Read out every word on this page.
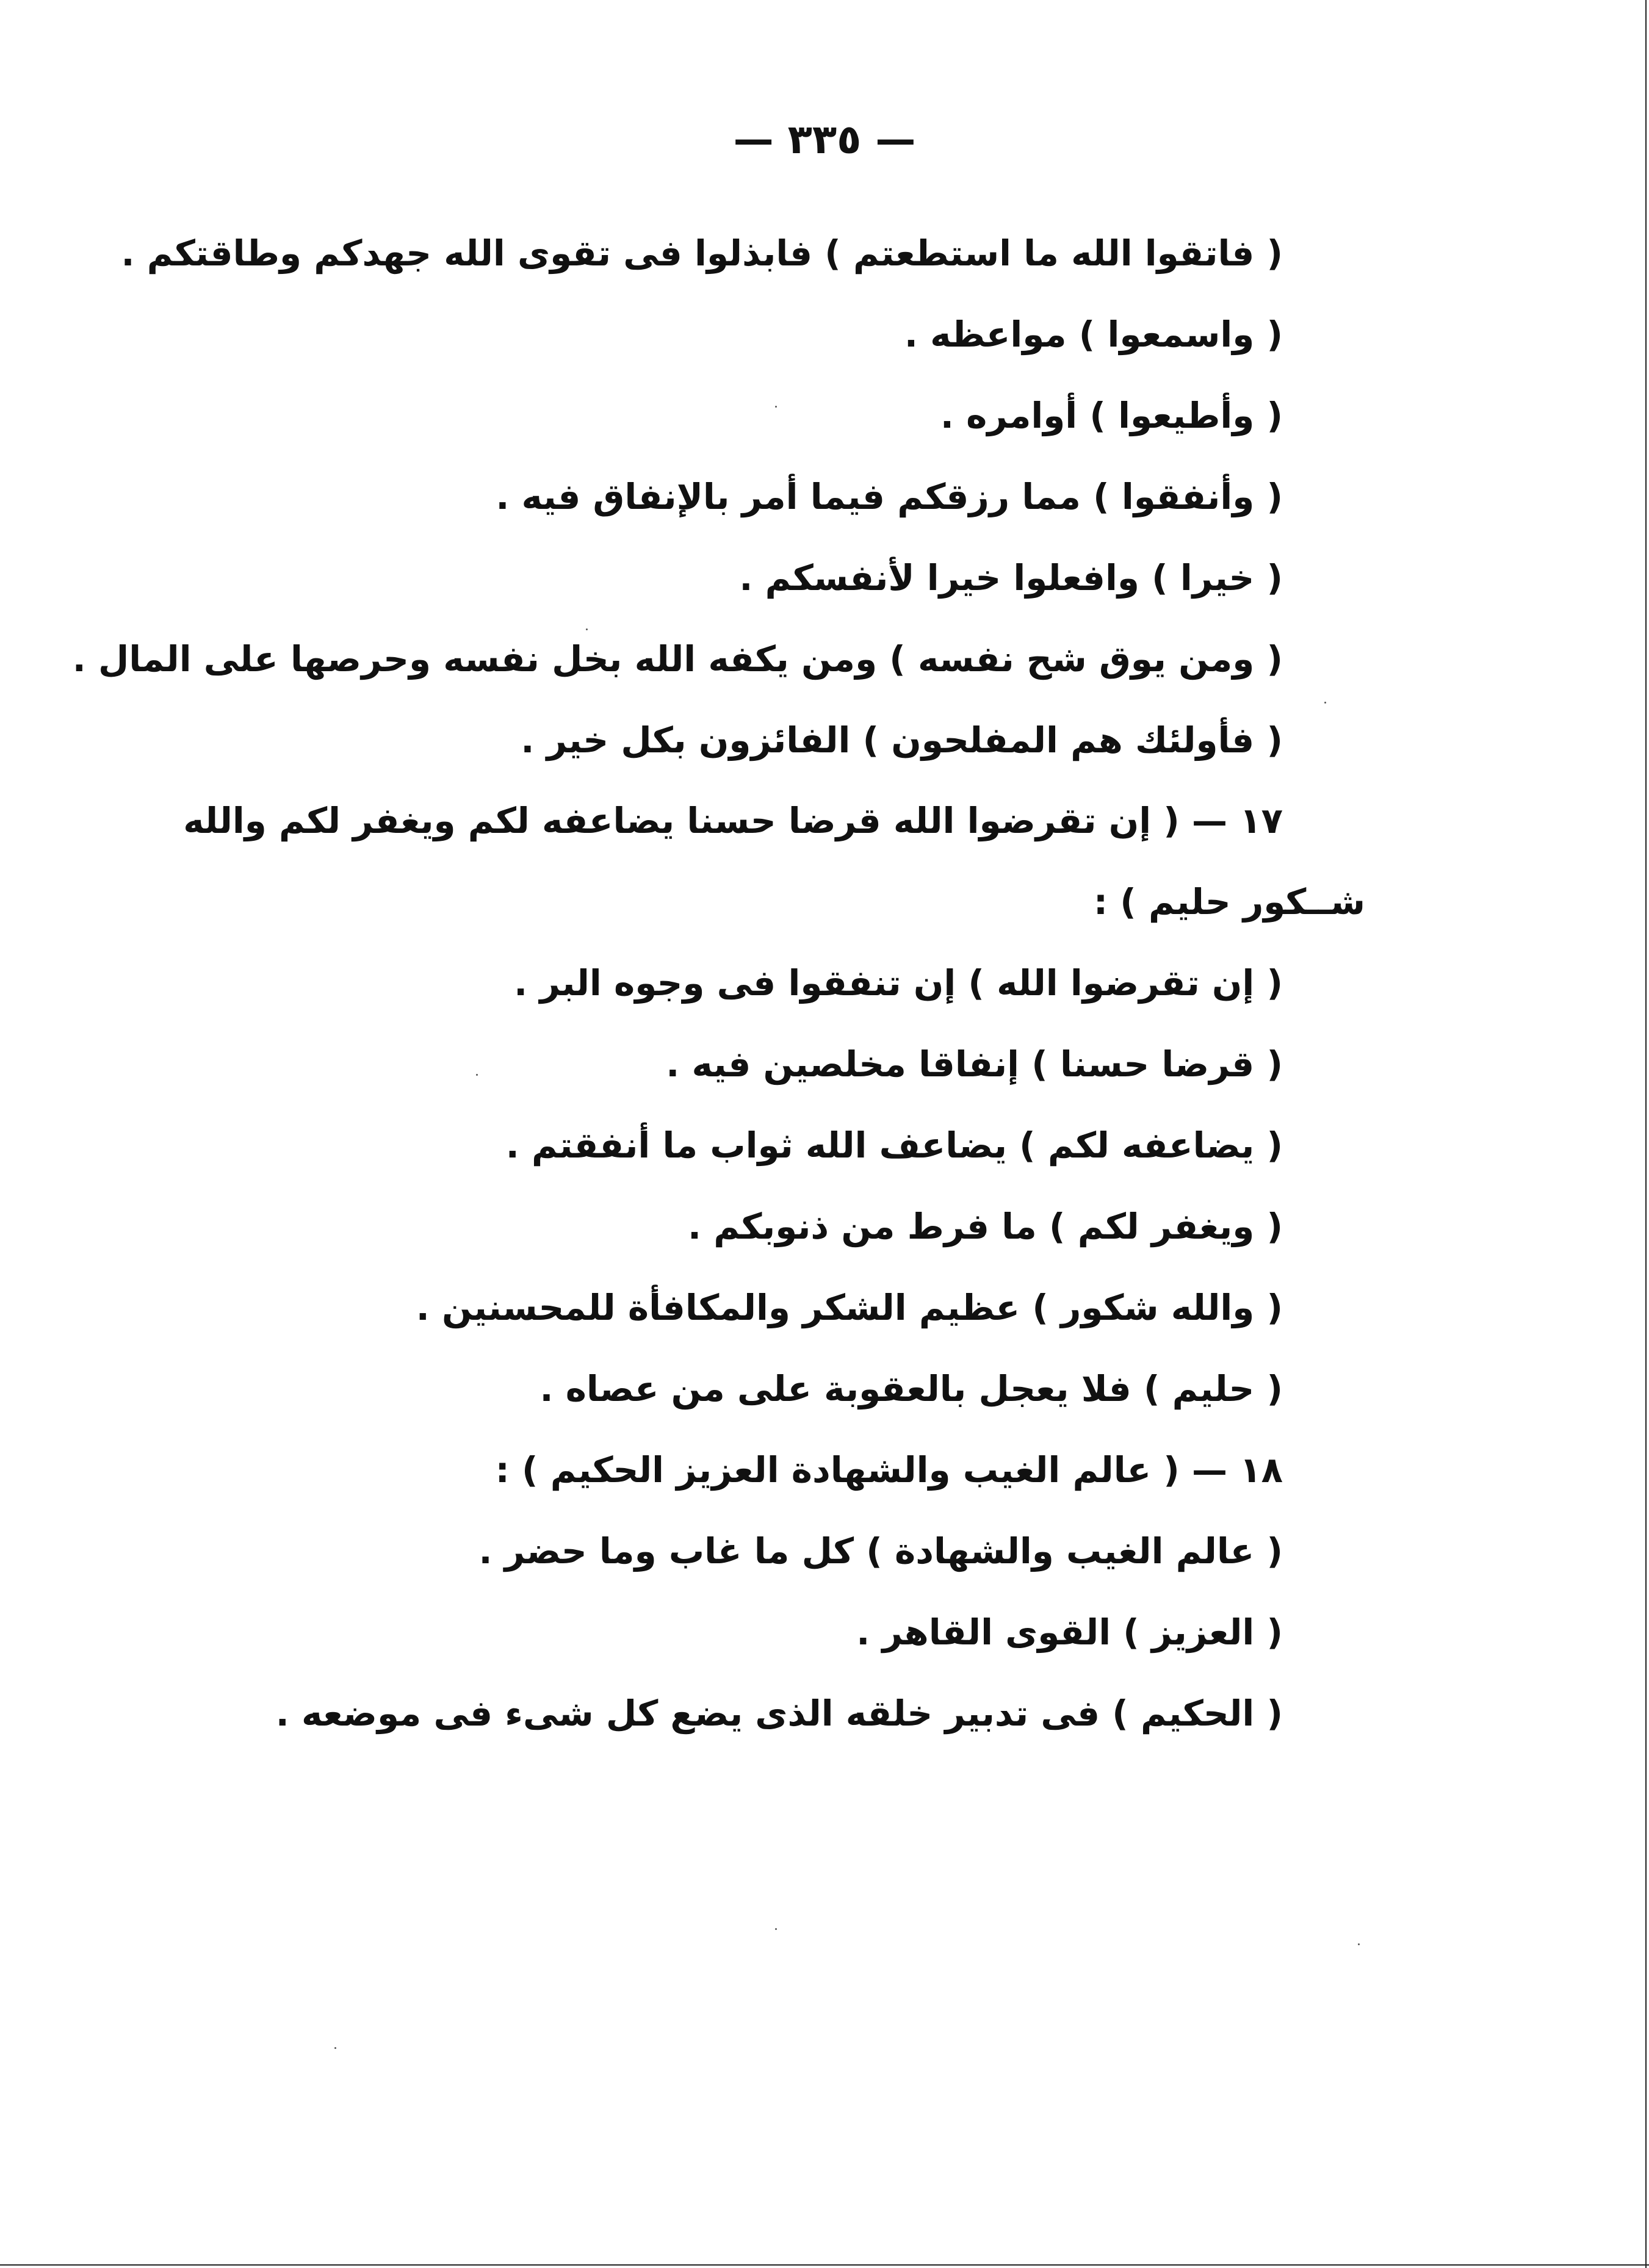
— ٣٣٥ —
( فاتقوا الله ما استطعتم ) فابذلوا فى تقوى الله جهدكم وطاقتكم .
( واسمعوا ) مواعظه .
( وأطيعوا ) أوامره .
( وأنفقوا ) مما رزقكم فيما أمر بالإنفاق فيه .
( خيرا ) وافعلوا خيرا لأنفسكم .
( ومن يوق شح نفسه ) ومن يكفه الله بخل نفسه وحرصها على المال .
( فأولئك هم المفلحون ) الفائزون بكل خير .
١٧ — ( إن تقرضوا الله قرضا حسنا يضاعفه لكم ويغفر لكم والله
شــكور حليم ) :
( إن تقرضوا الله ) إن تنفقوا فى وجوه البر .
( قرضا حسنا ) إنفاقا مخلصين فيه .
( يضاعفه لكم ) يضاعف الله ثواب ما أنفقتم .
( ويغفر لكم ) ما فرط من ذنوبكم .
( والله شكور ) عظيم الشكر والمكافأة للمحسنين .
( حليم ) فلا يعجل بالعقوبة على من عصاه .
١٨ — ( عالم الغيب والشهادة العزيز الحكيم ) :
( عالم الغيب والشهادة ) كل ما غاب وما حضر .
( العزيز ) القوى القاهر .
( الحكيم ) فى تدبير خلقه الذى يضع كل شىء فى موضعه .
